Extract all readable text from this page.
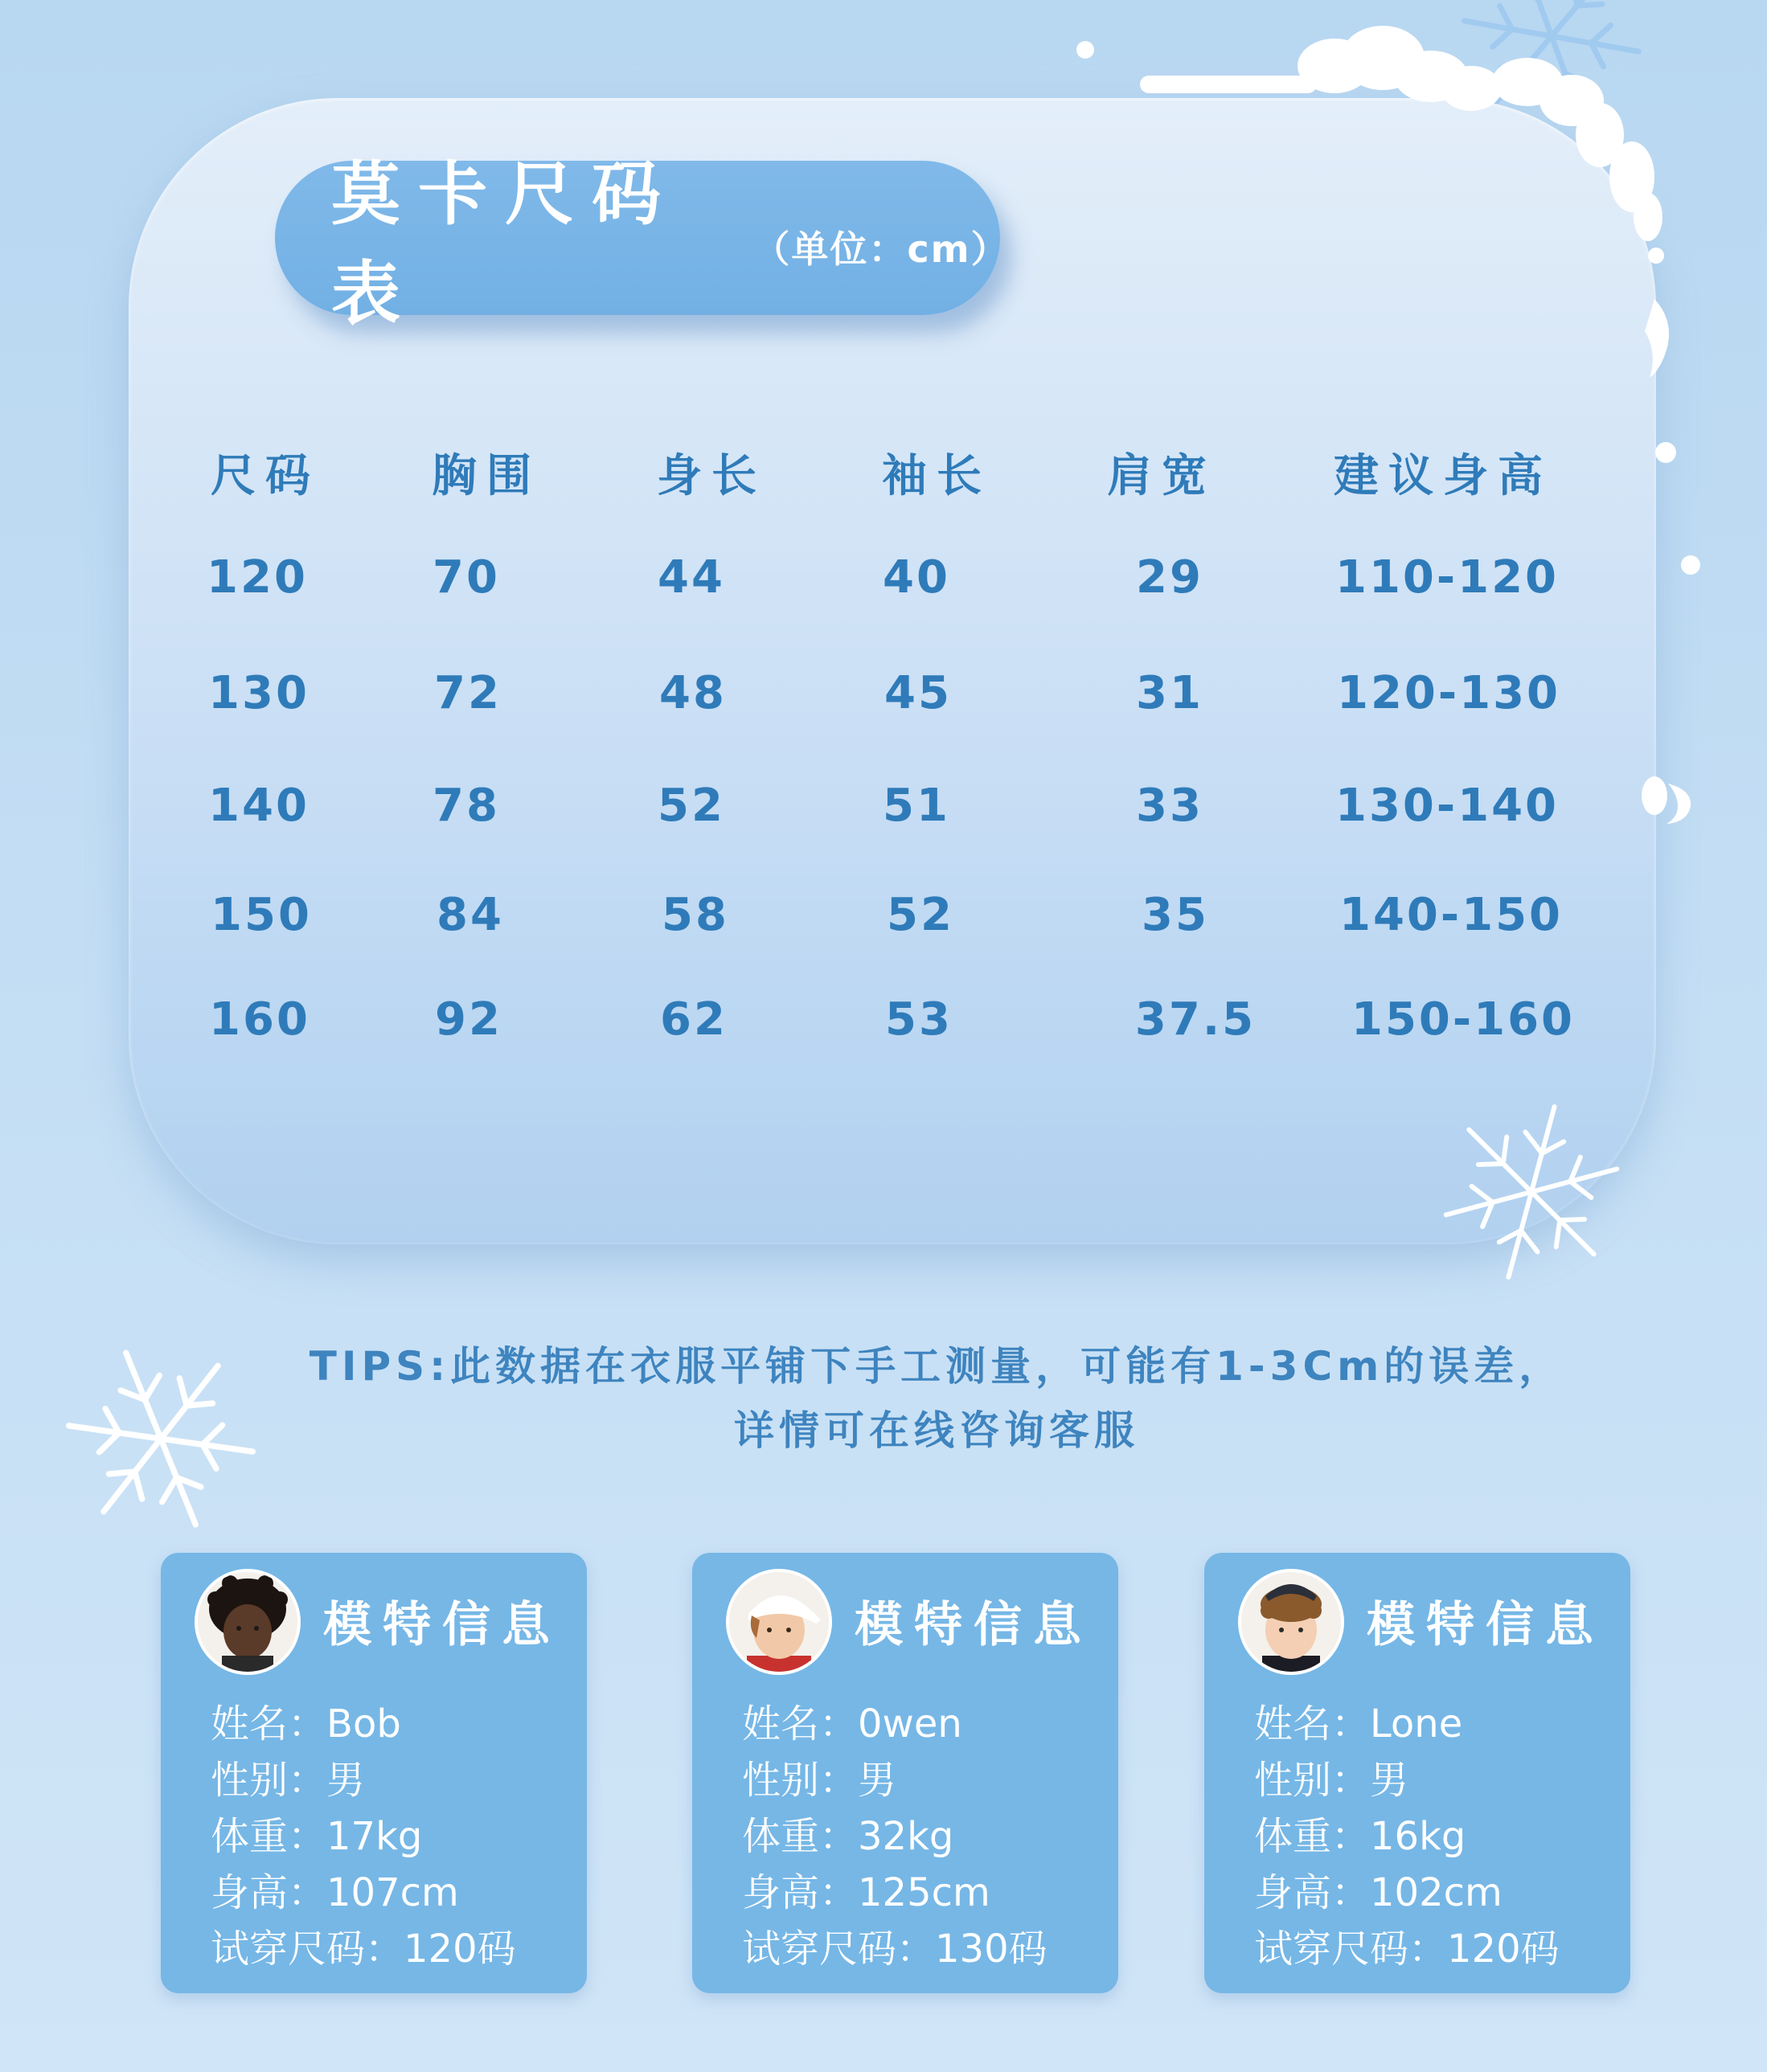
莫卡尺码表
（单位：cm）
尺码 胸围	身长	袖长	肩宽	建议身高
120	70	44	40	29	110-120
130	72	48	45	31	120-130
140	78	52	51	33	130-140
150	84	58	52	35	140-150
160	92	62	53	37.5 150-160
TIPS:此数据在衣服平铺下手工测量，可能有1-3Cm的误差，
详情可在线咨询客服
模特信息
姓名：Bob
性别：男
体重：17kg
身高：107cm
试穿尺码：120码
模特信息
姓名：0wen
性别：男
体重：32kg
身高：125cm
试穿尺码：130码
模特信息
姓名：Lone
性别：男
体重：16kg
身高：102cm
试穿尺码：120码
